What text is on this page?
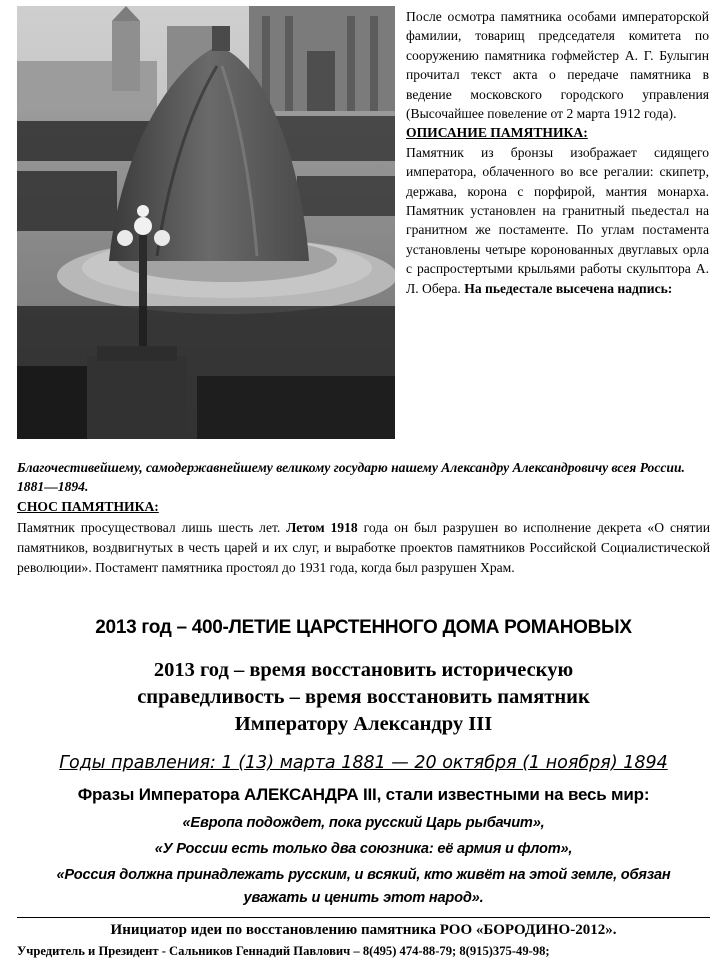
После осмотра памятника особами императорской фамилии, товарищ председателя комитета по сооружению памятника гофмейстер А. Г. Булыгин прочитал текст акта о передаче памятника в ведение московского городского управления (Высочайшее повеление от 2 марта 1912 года).

ОПИСАНИЕ ПАМЯТНИКА:

Памятник из бронзы изображает сидящего императора, облаченного во все регалии: скипетр, держава, корона с порфирой, мантия монарха. Памятник установлен на гранитный пьедестал на гранитном же постаменте. По углам постамента установлены четыре коронованных двуглавых орла с распростертыми крыльями работы скульптора А. Л. Обера. На пьедестале высечена надпись:

Благочестивейшему, самодержавнейшему великому государю нашему Александру Александровичу всея России. 1881—1894.
СНОС ПАМЯТНИКА:

Памятник просуществовал лишь шесть лет. Летом 1918 года он был разрушен во исполнение декрета «О снятии памятников, воздвигнутых в честь царей и их слуг, и выработке проектов памятников Российской Социалистической революции». Постамент памятника простоял до 1931 года, когда был разрушен Храм.

2013 год – 400-ЛЕТИЕ ЦАРСТЕННОГО ДОМА РОМАНОВЫХ
2013 год – время восстановить историческую
справедливость – время восстановить памятник
Императору Александру III
Годы правления: 1 (13) марта 1881 — 20 октября (1 ноября) 1894
Фразы Императора АЛЕКСАНДРА III, стали известными на весь мир:
«Европа подождет, пока русский Царь рыбачит»,
«У России есть только два союзника: её армия и флот»,
«Россия должна принадлежать русским, и всякий, кто живёт на этой земле, обязан
уважать и ценить этот народ».
Инициатор идеи по восстановлению памятника РОО «БОРОДИНО-2012».
Учредитель и Президент - Сальников Геннадий Павлович – 8(495) 474-88-79; 8(915)375-49-98;
